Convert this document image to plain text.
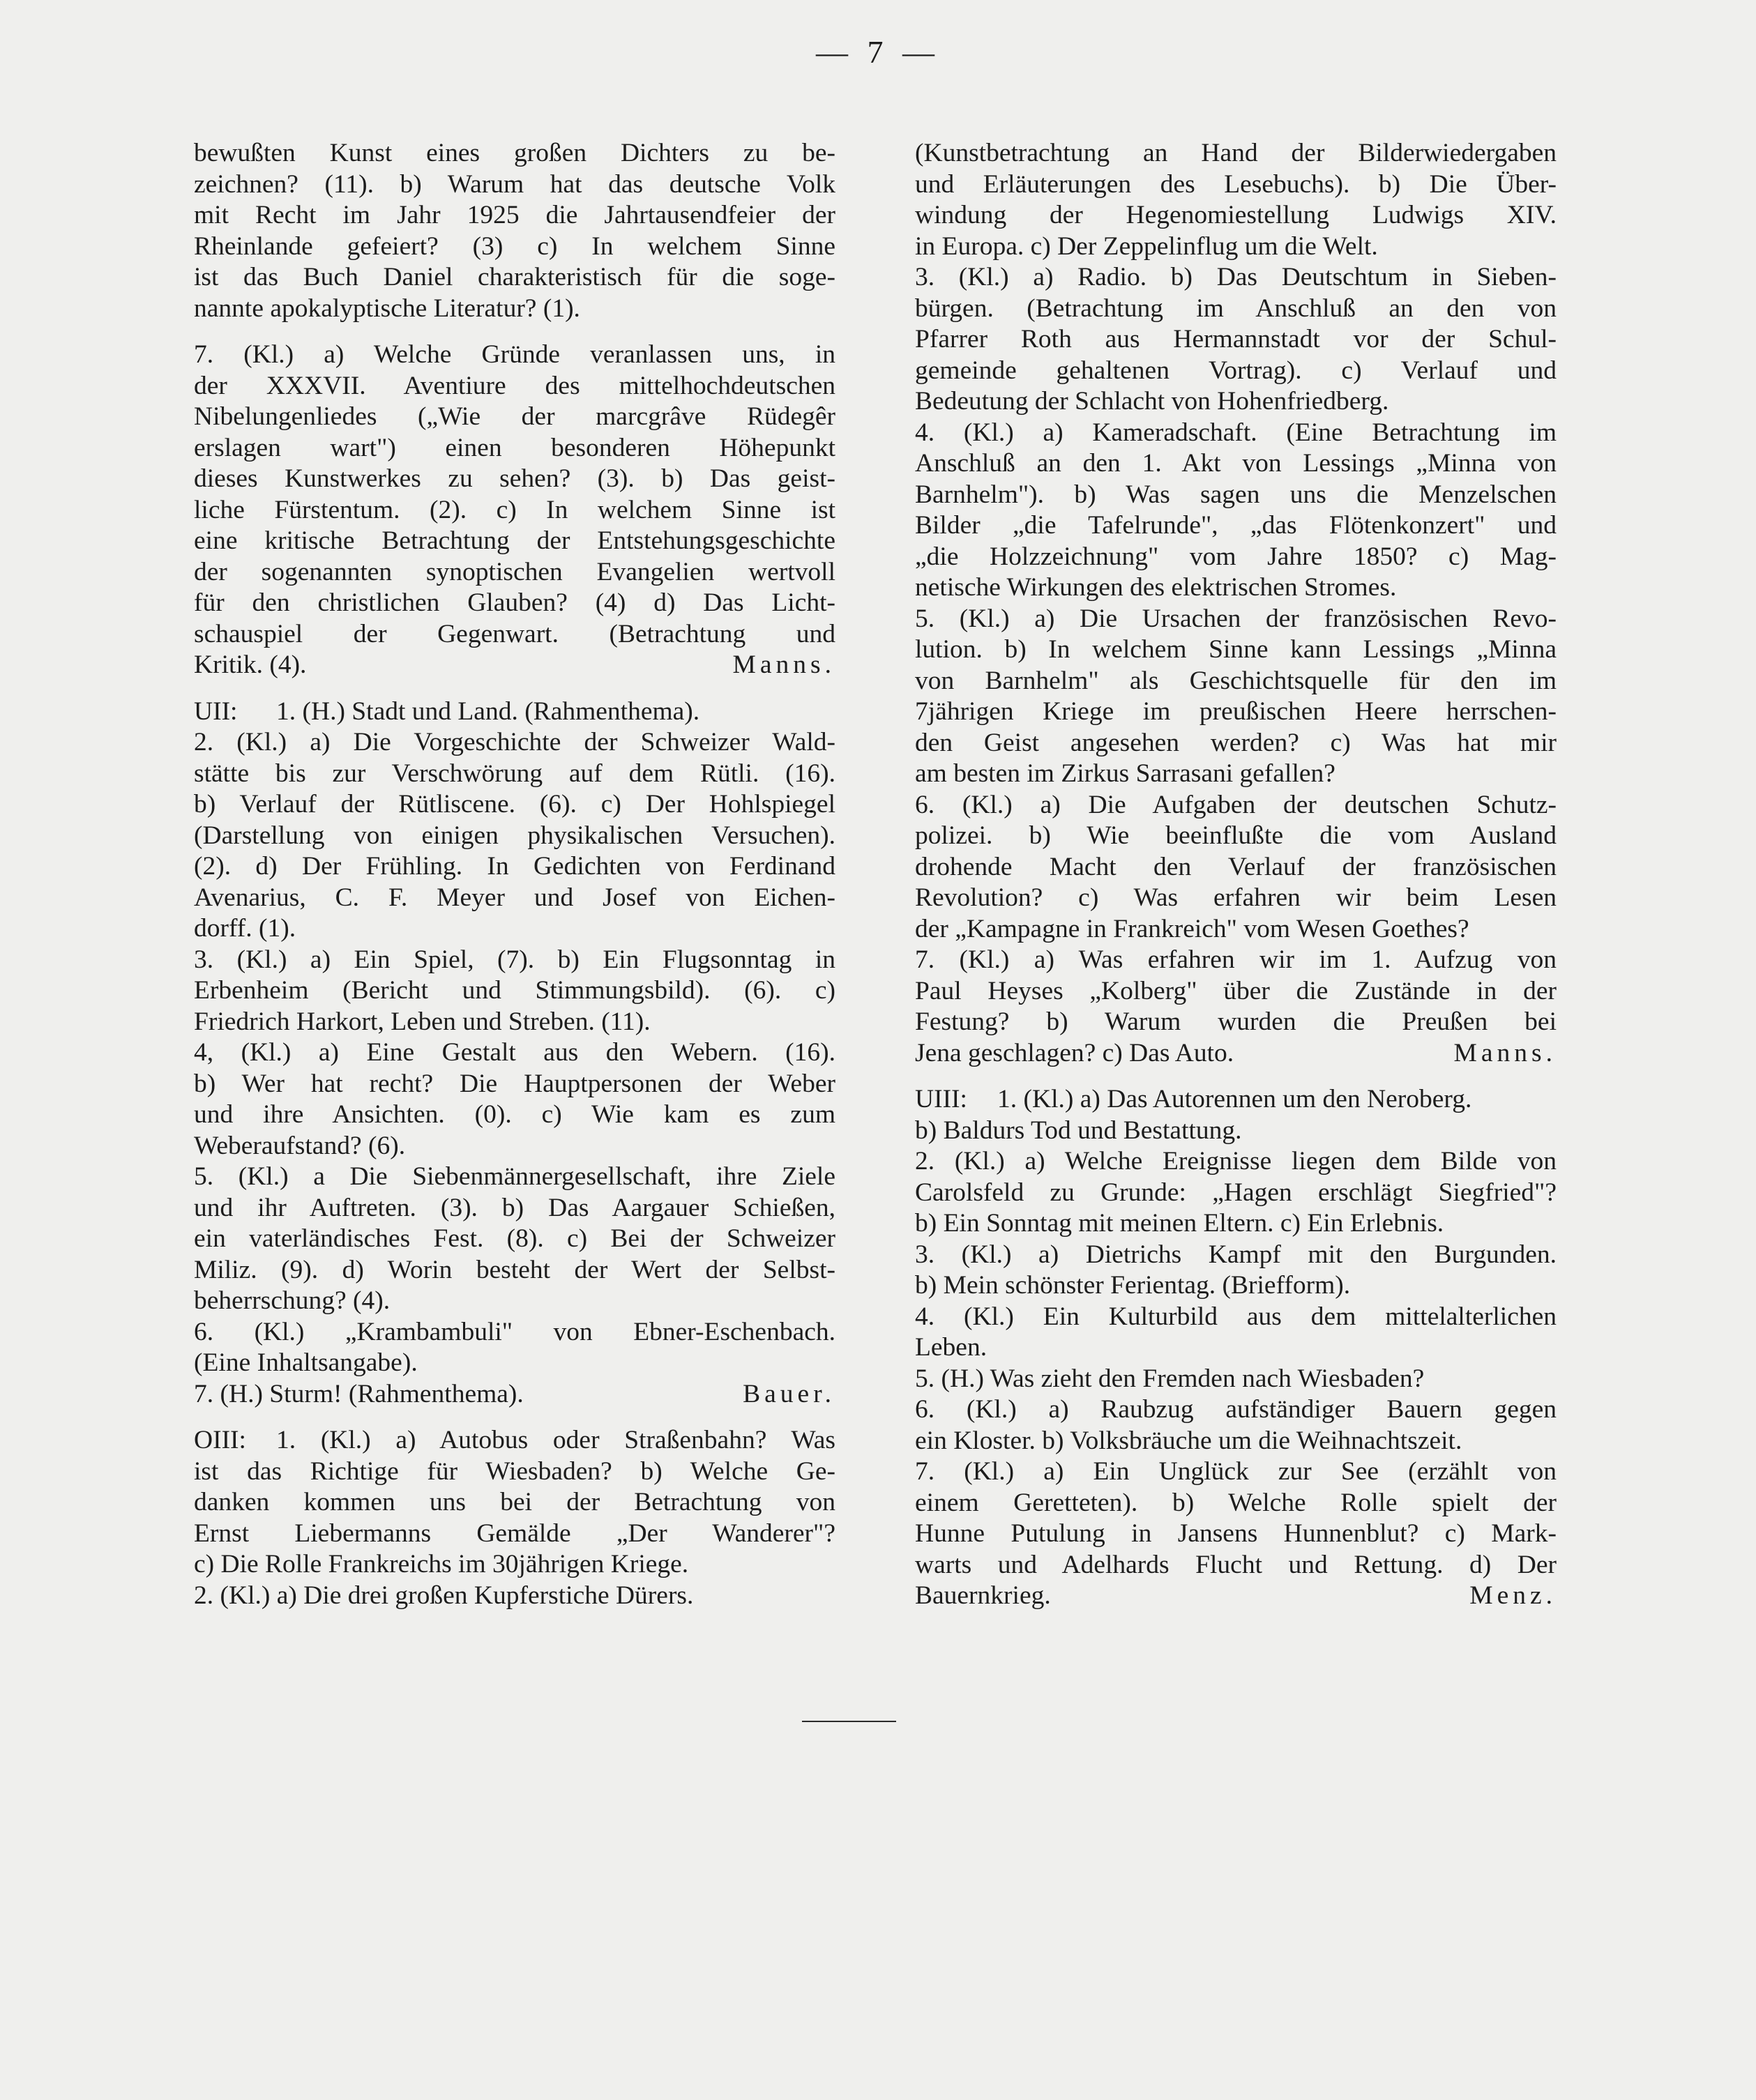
— 7 —
bewußten Kunst eines großen Dichters zu be-
zeichnen? (11). b) Warum hat das deutsche Volk
mit Recht im Jahr 1925 die Jahrtausendfeier der
Rheinlande gefeiert? (3) c) In welchem Sinne
ist das Buch Daniel charakteristisch für die soge-
nannte apokalyptische Literatur? (1).
7. (Kl.) a) Welche Gründe veranlassen uns, in
der XXXVII. Aventiure des mittelhochdeutschen
Nibelungenliedes („Wie der marcgrâve Rüdegêr
erslagen wart") einen besonderen Höhepunkt
dieses Kunstwerkes zu sehen? (3). b) Das geist-
liche Fürstentum. (2). c) In welchem Sinne ist
eine kritische Betrachtung der Entstehungsgeschichte
der sogenannten synoptischen Evangelien wertvoll
für den christlichen Glauben? (4) d) Das Licht-
schauspiel der Gegenwart. (Betrachtung und
Kritik. (4).	Manns.
UII: 1. (H.) Stadt und Land. (Rahmenthema).
2. (Kl.) a) Die Vorgeschichte der Schweizer Wald-
stätte bis zur Verschwörung auf dem Rütli. (16).
b) Verlauf der Rütliscene. (6). c) Der Hohlspiegel
(Darstellung von einigen physikalischen Versuchen).
(2). d) Der Frühling. In Gedichten von Ferdinand
Avenarius, C. F. Meyer und Josef von Eichen-
dorff. (1).
3. (Kl.) a) Ein Spiel, (7). b) Ein Flugsonntag in
Erbenheim (Bericht und Stimmungsbild). (6). c)
Friedrich Harkort, Leben und Streben. (11).
4, (Kl.) a) Eine Gestalt aus den Webern. (16).
b) Wer hat recht? Die Hauptpersonen der Weber
und ihre Ansichten. (0). c) Wie kam es zum
Weberaufstand? (6).
5. (Kl.) a Die Siebenmännergesellschaft, ihre Ziele
und ihr Auftreten. (3). b) Das Aargauer Schießen,
ein vaterländisches Fest. (8). c) Bei der Schweizer
Miliz. (9). d) Worin besteht der Wert der Selbst-
beherrschung? (4).
6. (Kl.) „Krambambuli" von Ebner-Eschenbach.
(Eine Inhaltsangabe).
7. (H.) Sturm! (Rahmenthema).	Bauer.
OIII: 1. (Kl.) a) Autobus oder Straßenbahn? Was
ist das Richtige für Wiesbaden? b) Welche Ge-
danken kommen uns bei der Betrachtung von
Ernst Liebermanns Gemälde „Der Wanderer"?
c) Die Rolle Frankreichs im 30jährigen Kriege.
2. (Kl.) a) Die drei großen Kupferstiche Dürers.
(Kunstbetrachtung an Hand der Bilderwiedergaben
und Erläuterungen des Lesebuchs). b) Die Über-
windung der Hegenomiestellung Ludwigs XIV.
in Europa. c) Der Zeppelinflug um die Welt.
3. (Kl.) a) Radio. b) Das Deutschtum in Sieben-
bürgen. (Betrachtung im Anschluß an den von
Pfarrer Roth aus Hermannstadt vor der Schul-
gemeinde gehaltenen Vortrag). c) Verlauf und
Bedeutung der Schlacht von Hohenfriedberg.
4. (Kl.) a) Kameradschaft. (Eine Betrachtung im
Anschluß an den 1. Akt von Lessings „Minna von
Barnhelm"). b) Was sagen uns die Menzelschen
Bilder „die Tafelrunde", „das Flötenkonzert" und
„die Holzzeichnung" vom Jahre 1850? c) Mag-
netische Wirkungen des elektrischen Stromes.
5. (Kl.) a) Die Ursachen der französischen Revo-
lution. b) In welchem Sinne kann Lessings „Minna
von Barnhelm" als Geschichtsquelle für den im
7jährigen Kriege im preußischen Heere herrschen-
den Geist angesehen werden? c) Was hat mir
am besten im Zirkus Sarrasani gefallen?
6. (Kl.) a) Die Aufgaben der deutschen Schutz-
polizei. b) Wie beeinflußte die vom Ausland
drohende Macht den Verlauf der französischen
Revolution? c) Was erfahren wir beim Lesen
der „Kampagne in Frankreich" vom Wesen Goethes?
7. (Kl.) a) Was erfahren wir im 1. Aufzug von
Paul Heyses „Kolberg" über die Zustände in der
Festung? b) Warum wurden die Preußen bei
Jena geschlagen? c) Das Auto.	Manns.
UIII: 1. (Kl.) a) Das Autorennen um den Neroberg.
b) Baldurs Tod und Bestattung.
2. (Kl.) a) Welche Ereignisse liegen dem Bilde von
Carolsfeld zu Grunde: „Hagen erschlägt Siegfried"?
b) Ein Sonntag mit meinen Eltern. c) Ein Erlebnis.
3. (Kl.) a) Dietrichs Kampf mit den Burgunden.
b) Mein schönster Ferientag. (Briefform).
4. (Kl.) Ein Kulturbild aus dem mittelalterlichen
Leben.
5. (H.) Was zieht den Fremden nach Wiesbaden?
6. (Kl.) a) Raubzug aufständiger Bauern gegen
ein Kloster. b) Volksbräuche um die Weihnachtszeit.
7. (Kl.) a) Ein Unglück zur See (erzählt von
einem Geretteten). b) Welche Rolle spielt der
Hunne Putulung in Jansens Hunnenblut? c) Mark-
warts und Adelhards Flucht und Rettung. d) Der
Bauernkrieg.	Menz.
